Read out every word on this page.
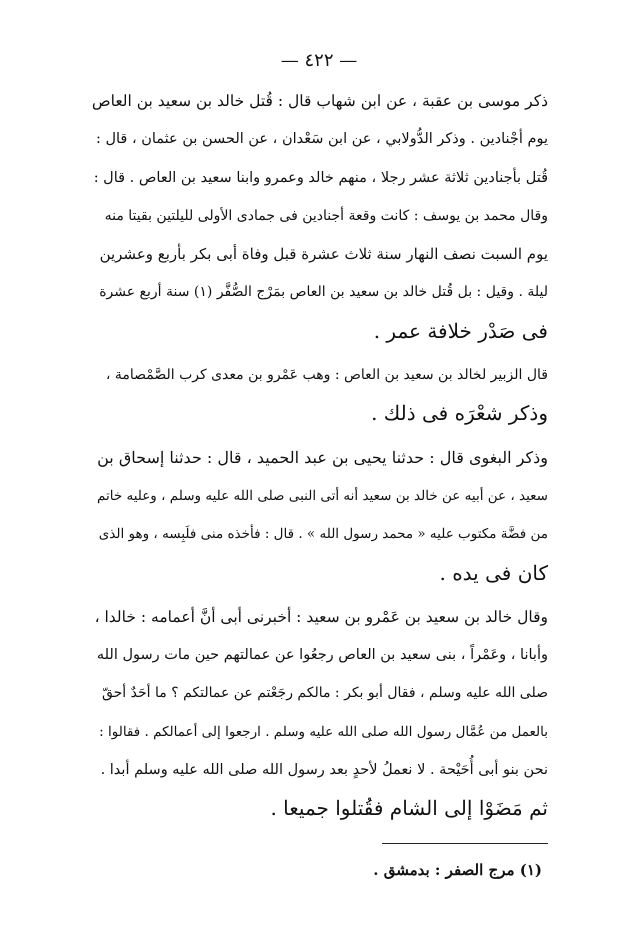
— ٤٢٢ —
ذكر موسى بن عقبة ، عن ابن شهاب قال : قُتل خالد بن سعيد بن العاص
يوم أجْنادين . وذكر الدُّولابي ، عن ابن سَعْدان ، عن الحسن بن عثمان ، قال :
قُتل بأجنادين ثلاثة عشر رجلا ، منهم خالد وعمرو وابنا سعيد بن العاص . قال :
وقال محمد بن يوسف : كانت وقعة أجنادين فى جمادى الأولى لليلتين بقيتا منه
يوم السبت نصف النهار سنة ثلاث عشرة قبل وفاة أبى بكر بأربع وعشرين
ليلة . وقيل : بل قُتل خالد بن سعيد بن العاص بمَرْج الصُّفَّر (١) سنة أربع عشرة
فى صَدْر خلافة عمر .
قال الزبير لخالد بن سعيد بن العاص : وهب عَمْرو بن معدى كرب الصَّمْصامة ،
وذكر شعْرَه فى ذلك .
وذكر البغوى قال : حدثنا يحيى بن عبد الحميد ، قال : حدثنا إسحاق بن
سعيد ، عن أبيه عن خالد بن سعيد أنه أتى النبى صلى الله عليه وسلم ، وعليه خاتم
من فضَّة مكتوب عليه « محمد رسول الله » . قال : فأخذه منى فلَبِسه ، وهو الذى
كان فى يده .
وقال خالد بن سعيد بن عَمْرو بن سعيد : أخبرنى أبى أنَّ أعمامه : خالدا ،
وأبانا ، وعَمْراً ، بنى سعيد بن العاص رجعُوا عن عمالتهم حين مات رسول الله
صلى الله عليه وسلم ، فقال أبو بكر : مالكم رجَعْتم عن عمالتكم ؟ ما أحَدٌ أحقّ
بالعمل من عُمَّال رسول الله صلى الله عليه وسلم . ارجعوا إلى أعمالكم . فقالوا :
نحن بنو أبى أُحَيْحة . لا نعملُ لأحدٍ بعد رسول الله صلى الله عليه وسلم أبدا .
ثم مَضَوْا إلى الشام فقُتلوا جميعا .
(١) مرج الصفر : بدمشق .
